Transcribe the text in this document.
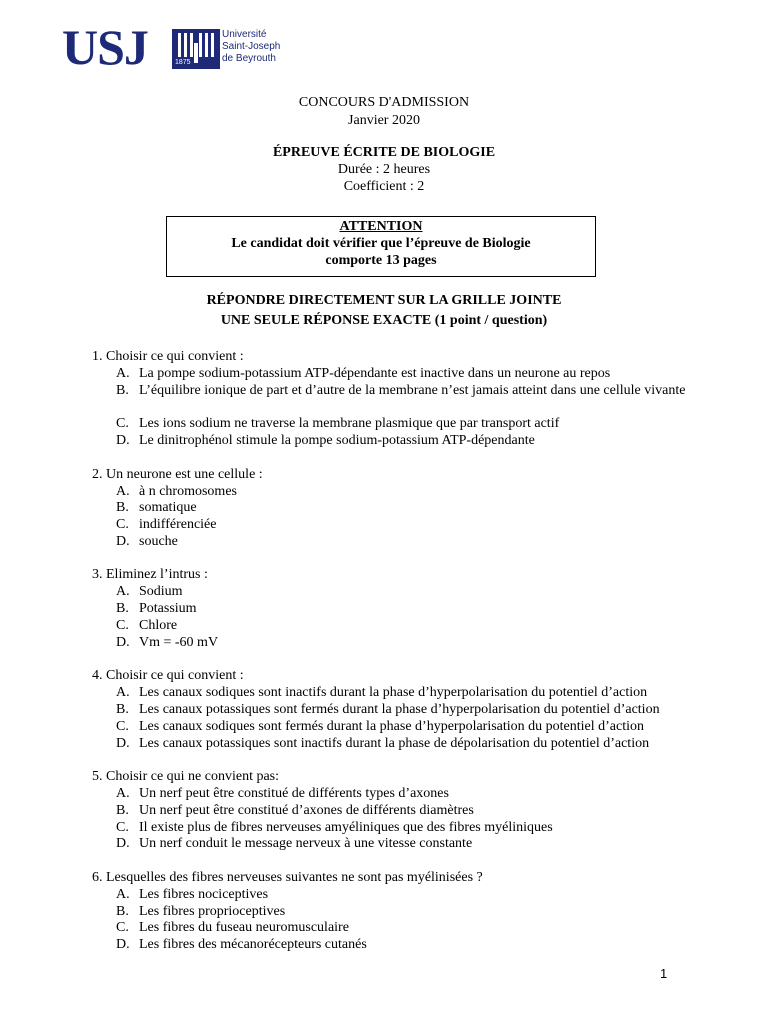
USJ	1875
Université
Saint-Joseph
de Beyrouth
CONCOURS D'ADMISSION
Janvier 2020
ÉPREUVE ÉCRITE DE BIOLOGIE
Durée : 2 heures
Coefficient : 2
ATTENTION
Le candidat doit vérifier que l’épreuve de Biologie
comporte 13 pages
RÉPONDRE DIRECTEMENT SUR LA GRILLE JOINTE
UNE SEULE RÉPONSE EXACTE (1 point / question)
1. Choisir ce qui convient :
A. La pompe sodium-potassium ATP-dépendante est inactive dans un neurone au repos
B. L’équilibre ionique de part et d’autre de la membrane n’est jamais atteint dans une cellule vivante
C. Les ions sodium ne traverse la membrane plasmique que par transport actif
D. Le dinitrophénol stimule la pompe sodium-potassium ATP-dépendante
2. Un neurone est une cellule :
A. à n chromosomes
B. somatique
C. indifférenciée
D. souche
3. Eliminez l’intrus :
A. Sodium
B. Potassium
C. Chlore
D. Vm = -60 mV
4. Choisir ce qui convient :
A. Les canaux sodiques sont inactifs durant la phase d’hyperpolarisation du potentiel d’action
B. Les canaux potassiques sont fermés durant la phase d’hyperpolarisation du potentiel d’action
C. Les canaux sodiques sont fermés durant la phase d’hyperpolarisation du potentiel d’action
D. Les canaux potassiques sont inactifs durant la phase de dépolarisation du potentiel d’action
5. Choisir ce qui ne convient pas:
A. Un nerf peut être constitué de différents types d’axones
B. Un nerf peut être constitué d’axones de différents diamètres
C. Il existe plus de fibres nerveuses amyéliniques que des fibres myéliniques
D. Un nerf conduit le message nerveux à une vitesse constante
6. Lesquelles des fibres nerveuses suivantes ne sont pas myélinisées ?
A. Les fibres nociceptives
B. Les fibres proprioceptives
C. Les fibres du fuseau neuromusculaire
D. Les fibres des mécanorécepteurs cutanés
1
